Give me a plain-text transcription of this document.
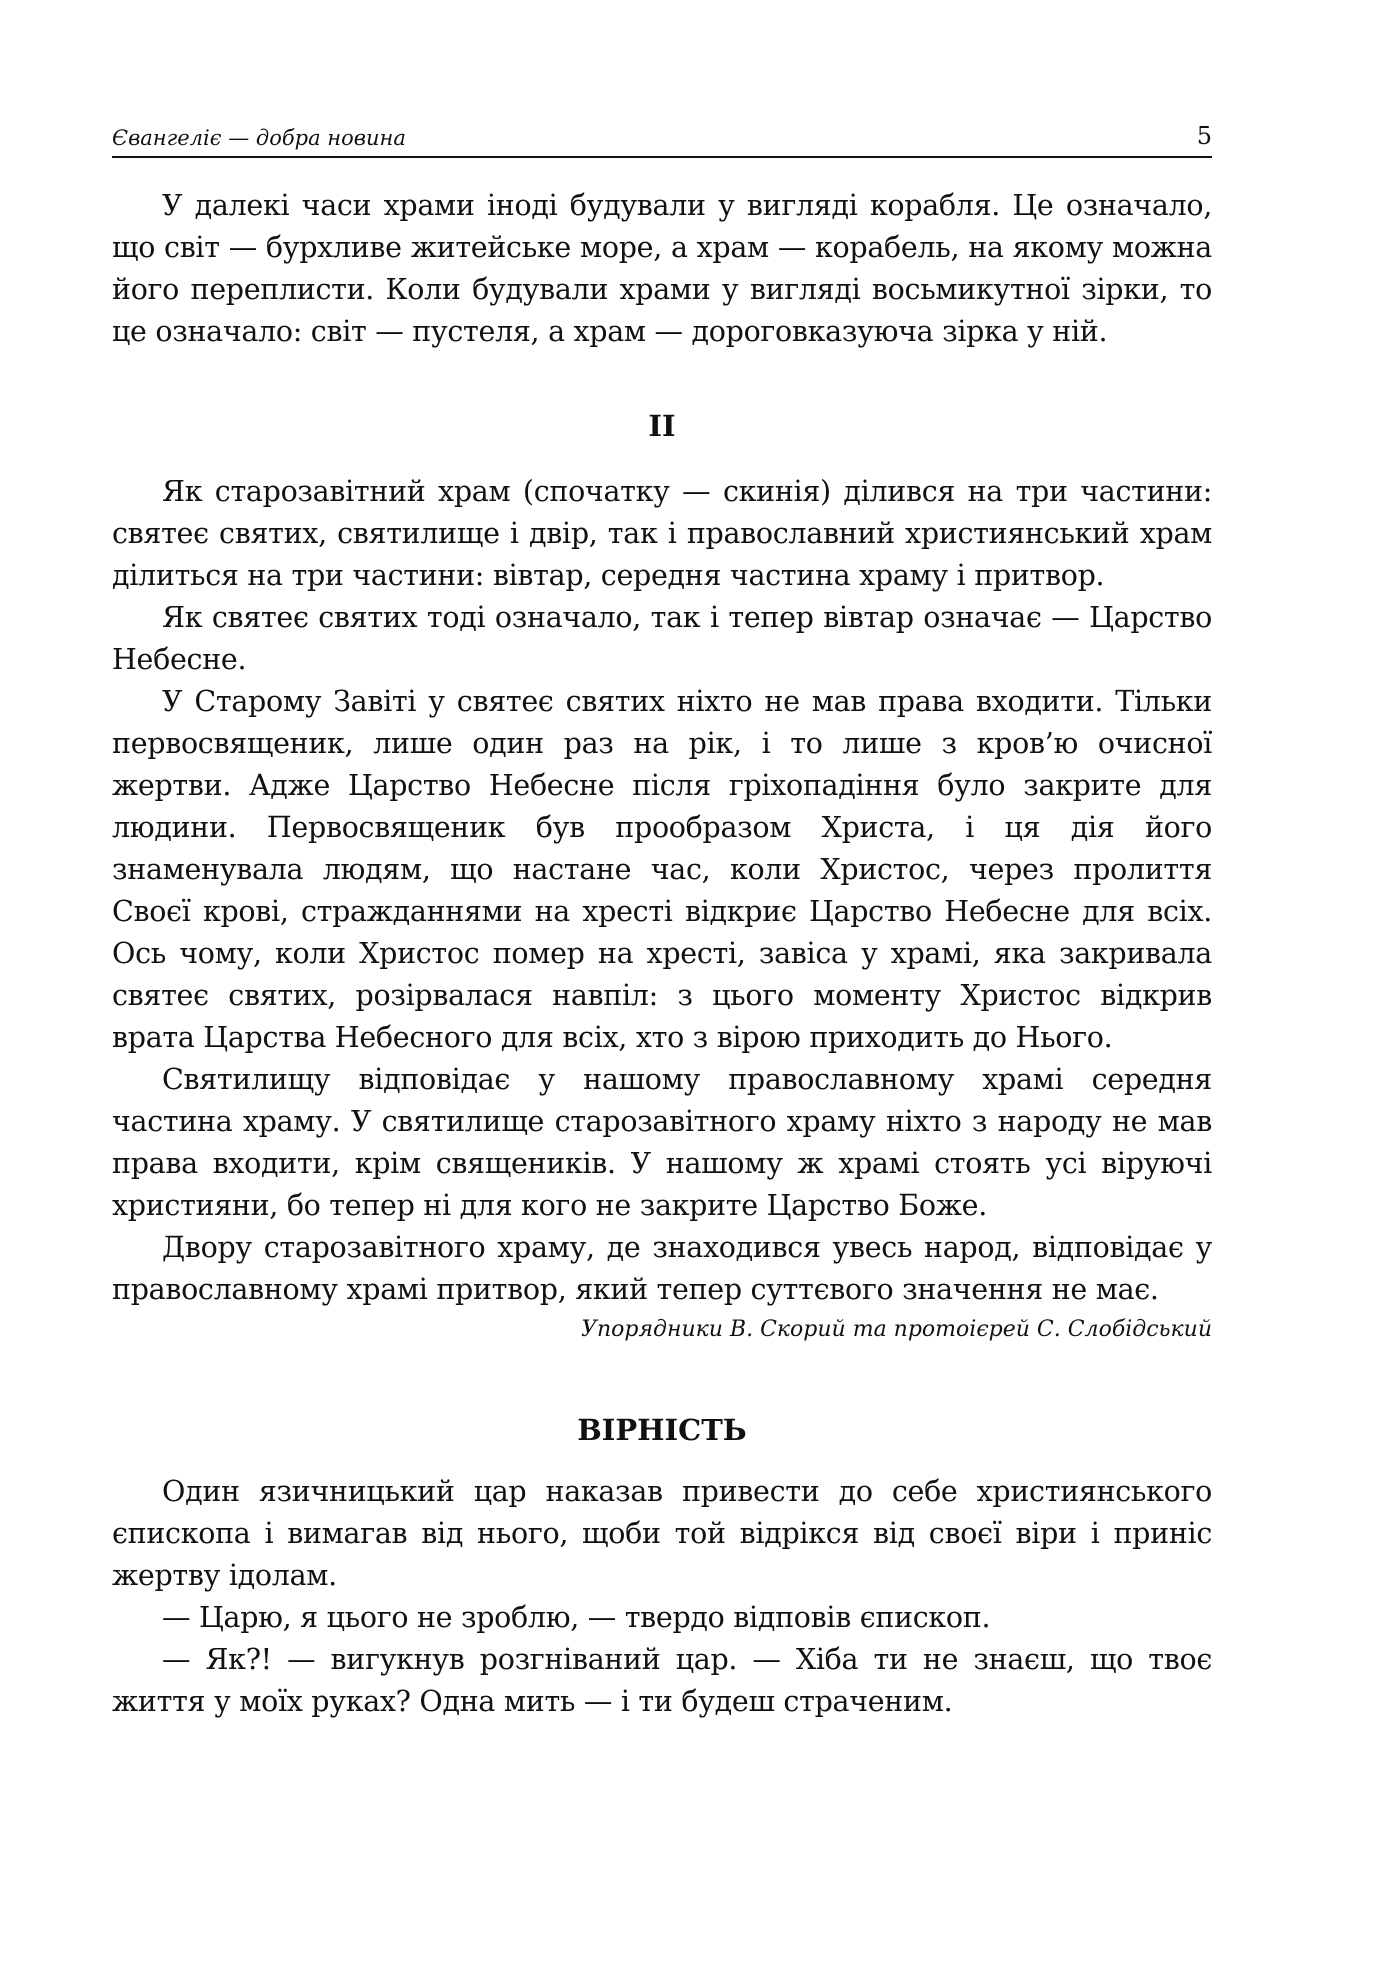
Євангеліє — добра новина	5

У далекі часи храми іноді будували у вигляді корабля. Це означало, що світ — бурхливе житейське море, а храм — корабель, на якому можна його переплисти. Коли будували храми у вигляді восьмикутної зірки, то це означало: світ — пустеля, а храм — дороговказуюча зірка у ній.

II

Як старозавітний храм (спочатку — скинія) ділився на три частини: святеє святих, святилище і двір, так і православний християнський храм ділиться на три частини: вівтар, середня частина храму і притвор.

Як святеє святих тоді означало, так і тепер вівтар означає — Царство Небесне.

У Старому Завіті у святеє святих ніхто не мав права входити. Тільки первосвященик, лише один раз на рік, і то лише з кров’ю очисної жертви. Адже Царство Небесне після гріхопадіння було закрите для людини. Первосвященик був прообразом Христа, і ця дія його знаменувала людям, що настане час, коли Христос, через пролиття Своєї крові, стражданнями на хресті відкриє Царство Небесне для всіх. Ось чому, коли Христос помер на хресті, завіса у храмі, яка закривала святеє святих, розірвалася навпіл: з цього моменту Христос відкрив врата Царства Небесного для всіх, хто з вірою приходить до Нього.

Святилищу відповідає у нашому православному храмі середня частина храму. У святилище старозавітного храму ніхто з народу не мав права входити, крім священиків. У нашому ж храмі стоять усі віруючі християни, бо тепер ні для кого не закрите Царство Боже.

Двору старозавітного храму, де знаходився увесь народ, відповідає у православному храмі притвор, який тепер суттєвого значення не має.

Упорядники В. Скорий та протоієрей С. Слобідський

ВІРНІСТЬ

Один язичницький цар наказав привести до себе християнського єпископа і вимагав від нього, щоби той відрікся від своєї віри і приніс жертву ідолам.

— Царю, я цього не зроблю, — твердо відповів єпископ.

— Як?! — вигукнув розгніваний цар. — Хіба ти не знаєш, що твоє життя у моїх руках? Одна мить — і ти будеш страченим.
